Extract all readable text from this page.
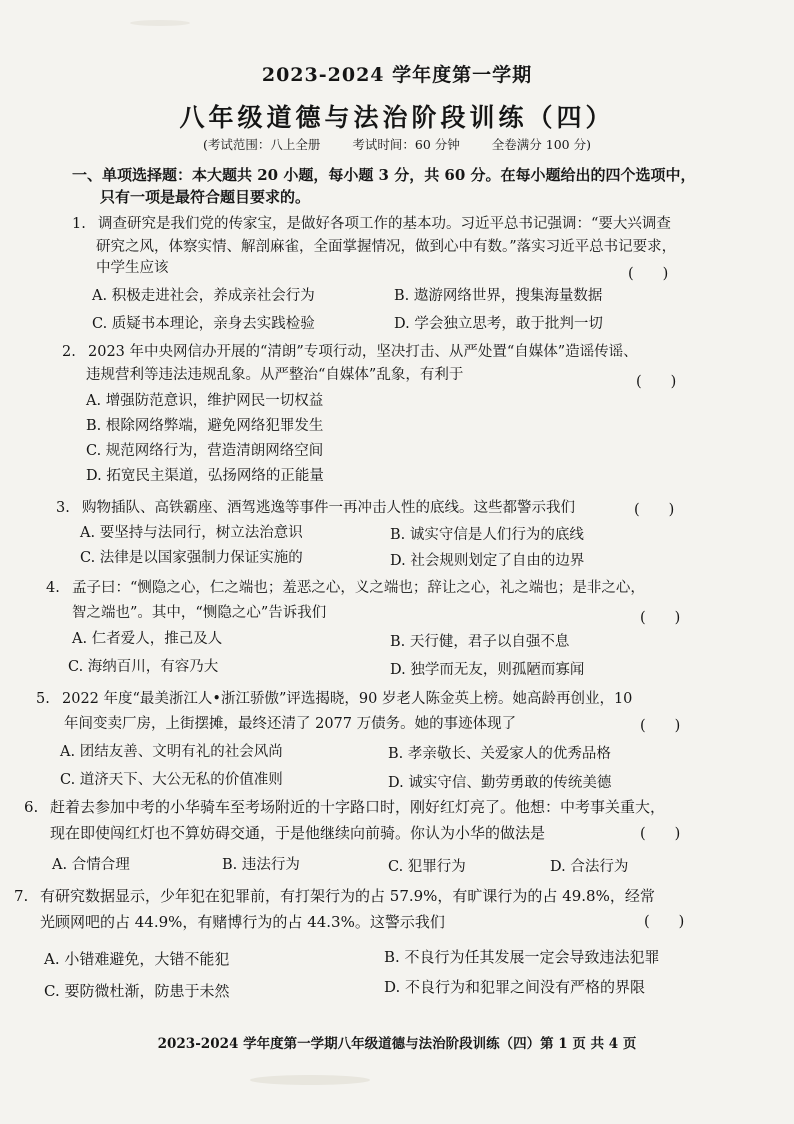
2023-2024 学年度第一学期
八年级道德与法治阶段训练（四）
(考试范围：八上全册	考试时间：60 分钟	全卷满分 100 分)
一、单项选择题：本大题共 20 小题，每小题 3 分，共 60 分。在每小题给出的四个选项中，
只有一项是最符合题目要求的。
1. 调查研究是我们党的传家宝，是做好各项工作的基本功。习近平总书记强调：“要大兴调查
研究之风，体察实情、解剖麻雀，全面掌握情况，做到心中有数。”落实习近平总书记要求，
中学生应该	(　　)
A. 积极走进社会，养成亲社会行为	B. 遨游网络世界，搜集海量数据
C. 质疑书本理论，亲身去实践检验	D. 学会独立思考，敢于批判一切
2. 2023 年中央网信办开展的“清朗”专项行动，坚决打击、从严处置“自媒体”造谣传谣、
违规营利等违法违规乱象。从严整治“自媒体”乱象，有利于	(　　)
A. 增强防范意识，维护网民一切权益
B. 根除网络弊端，避免网络犯罪发生
C. 规范网络行为，营造清朗网络空间
D. 拓宽民主渠道，弘扬网络的正能量
3. 购物插队、高铁霸座、酒驾逃逸等事件一再冲击人性的底线。这些都警示我们	(　　)
A. 要坚持与法同行，树立法治意识	B. 诚实守信是人们行为的底线
C. 法律是以国家强制力保证实施的	D. 社会规则划定了自由的边界
4. 孟子曰：“恻隐之心，仁之端也；羞恶之心，义之端也；辞让之心，礼之端也；是非之心，
智之端也”。其中，“恻隐之心”告诉我们	(　　)
A. 仁者爱人，推己及人	B. 天行健，君子以自强不息
C. 海纳百川，有容乃大	D. 独学而无友，则孤陋而寡闻
5. 2022 年度“最美浙江人•浙江骄傲”评选揭晓，90 岁老人陈金英上榜。她高龄再创业，10
年间变卖厂房，上街摆摊，最终还清了 2077 万债务。她的事迹体现了	(　　)
A. 团结友善、文明有礼的社会风尚	B. 孝亲敬长、关爱家人的优秀品格
C. 道济天下、大公无私的价值准则	D. 诚实守信、勤劳勇敢的传统美德
6. 赶着去参加中考的小华骑车至考场附近的十字路口时，刚好红灯亮了。他想：中考事关重大，
现在即使闯红灯也不算妨碍交通，于是他继续向前骑。你认为小华的做法是	(　　)
A. 合情合理	B. 违法行为	C. 犯罪行为	D. 合法行为
7. 有研究数据显示，少年犯在犯罪前，有打架行为的占 57.9%，有旷课行为的占 49.8%，经常
光顾网吧的占 44.9%，有赌博行为的占 44.3%。这警示我们	(　　)
A. 小错难避免，大错不能犯	B. 不良行为任其发展一定会导致违法犯罪
C. 要防微杜渐，防患于未然	D. 不良行为和犯罪之间没有严格的界限
2023-2024 学年度第一学期八年级道德与法治阶段训练（四）第 1 页 共 4 页
